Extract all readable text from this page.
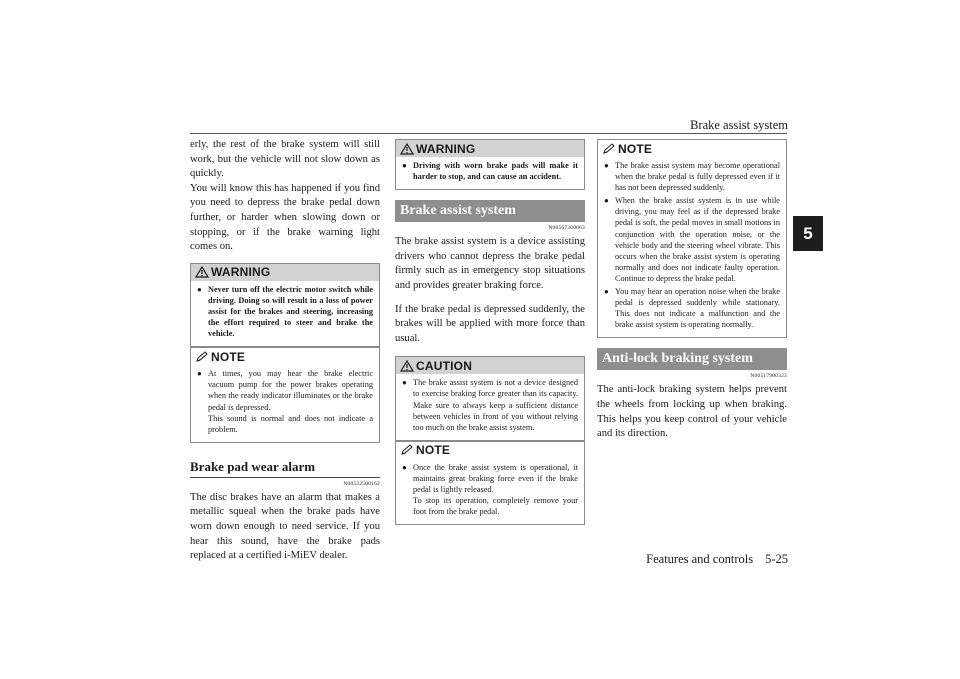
Brake assist system
5

erly, the rest of the brake system will still work, but the vehicle will not slow down as quickly.

You will know this has happened if you find you need to depress the brake pedal down further, or harder when slowing down or stopping, or if the brake warning light comes on.

WARNING
● Never turn off the electric motor switch while driving. Doing so will result in a loss of power assist for the brakes and steering, increasing the effort required to steer and brake the vehicle.
NOTE
● At times, you may hear the brake electric vacuum pump for the power brakes operating when the ready indicator illuminates or the brake pedal is depressed.
This sound is normal and does not indicate a problem.
Brake pad wear alarm
N00532500162

The disc brakes have an alarm that makes a metallic squeal when the brake pads have worn down enough to need service. If you hear this sound, have the brake pads replaced at a certified i-MiEV dealer.

WARNING
● Driving with worn brake pads will make it harder to stop, and can cause an accident.
Brake assist system
N00567300063

The brake assist system is a device assisting drivers who cannot depress the brake pedal firmly such as in emergency stop situations and provides greater braking force.

If the brake pedal is depressed suddenly, the brakes will be applied with more force than usual.

CAUTION
● The brake assist system is not a device designed to exercise braking force greater than its capacity. Make sure to always keep a sufficient distance between vehicles in front of you without relying too much on the brake assist system.
NOTE
● Once the brake assist system is operational, it maintains great braking force even if the brake pedal is lightly released.
To stop its operation, completely remove your foot from the brake pedal.
NOTE
● The brake assist system may become operational when the brake pedal is fully depressed even if it has not been depressed suddenly.
● When the brake assist system is in use while driving, you may feel as if the depressed brake pedal is soft, the pedal moves in small motions in conjunction with the operation noise, or the vehicle body and the steering wheel vibrate. This occurs when the brake assist system is operating normally and does not indicate faulty operation. Continue to depress the brake pedal.
● You may hear an operation noise when the brake pedal is depressed suddenly while stationary. This does not indicate a malfunction and the brake assist system is operating normally.
Anti-lock braking system
N00517900323

The anti-lock braking system helps prevent the wheels from locking up when braking. This helps you keep control of your vehicle and its direction.

Features and controls 5-25
